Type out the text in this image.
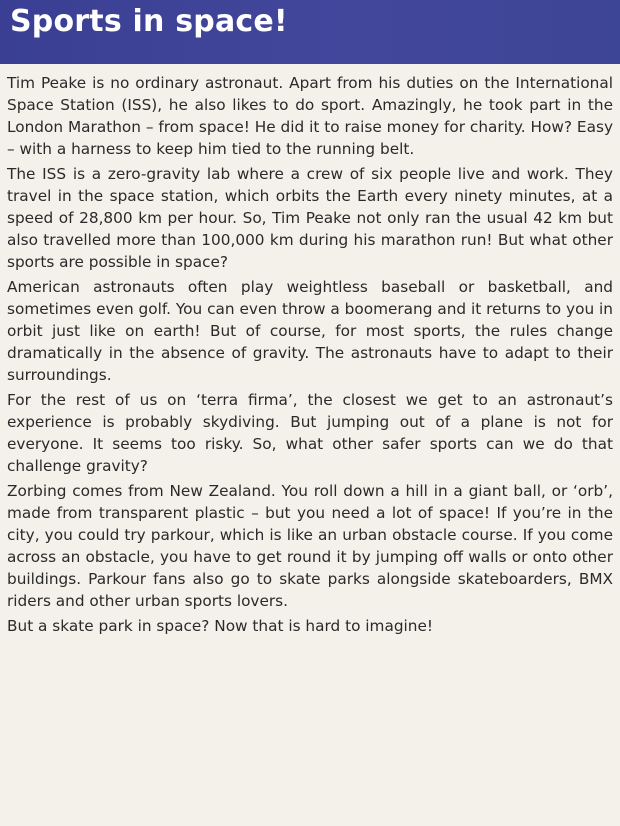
Sports in space!

Tim Peake is no ordinary astronaut. Apart from his duties on the International Space Station (ISS), he also likes to do sport. Amazingly, he took part in the London Marathon – from space! He did it to raise money for charity. How? Easy – with a harness to keep him tied to the running belt.

The ISS is a zero-gravity lab where a crew of six people live and work. They travel in the space station, which orbits the Earth every ninety minutes, at a speed of 28,800 km per hour. So, Tim Peake not only ran the usual 42 km but also travelled more than 100,000 km during his marathon run! But what other sports are possible in space?

American astronauts often play weightless baseball or basketball, and sometimes even golf. You can even throw a boomerang and it returns to you in orbit just like on earth! But of course, for most sports, the rules change dramatically in the absence of gravity. The astronauts have to adapt to their surroundings.

For the rest of us on ‘terra firma’, the closest we get to an astronaut’s experience is probably skydiving. But jumping out of a plane is not for everyone. It seems too risky. So, what other safer sports can we do that challenge gravity?

Zorbing comes from New Zealand. You roll down a hill in a giant ball, or ‘orb’, made from transparent plastic – but you need a lot of space! If you’re in the city, you could try parkour, which is like an urban obstacle course. If you come across an obstacle, you have to get round it by jumping off walls or onto other buildings. Parkour fans also go to skate parks alongside skateboarders, BMX riders and other urban sports lovers.

But a skate park in space? Now that is hard to imagine!
